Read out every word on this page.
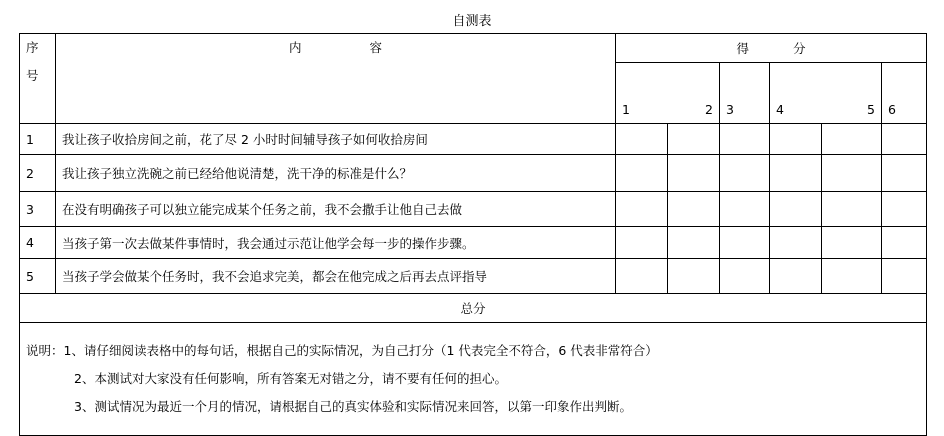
自测表
序
号	内 容	得 分					

		1 2		3	4 5		6
1	我让孩子收拾房间之前，花了尽 2 小时时间辅导孩子如何收拾房间						
2	我让孩子独立洗碗之前已经给他说清楚，洗干净的标准是什么？						
3	在没有明确孩子可以独立能完成某个任务之前，我不会撒手让他自己去做						
4	当孩子第一次去做某件事情时，我会通过示范让他学会每一步的操作步骤。						
5	当孩子学会做某个任务时，我不会追求完美，都会在他完成之后再去点评指导						
总分							

说明：1、请仔细阅读表格中的每句话，根据自己的实际情况，为自己打分（1 代表完全不符合，6 代表非常符合）
2、本测试对大家没有任何影响，所有答案无对错之分，请不要有任何的担心。
3、测试情况为最近一个月的情况，请根据自己的真实体验和实际情况来回答，以第一印象作出判断。							
